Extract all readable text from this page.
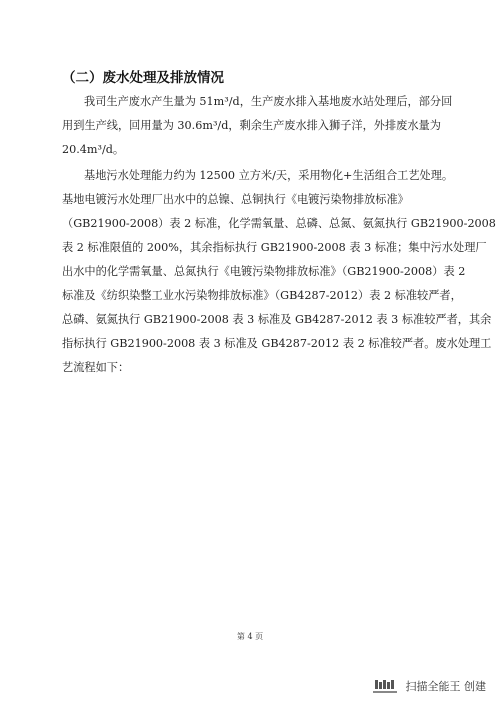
（二）废水处理及排放情况

我司生产废水产生量为 51m³/d，生产废水排入基地废水站处理后，部分回
用到生产线，回用量为 30.6m³/d，剩余生产废水排入狮子洋，外排废水量为
20.4m³/d。

基地污水处理能力约为 12500 立方米/天，采用物化+生活组合工艺处理。
基地电镀污水处理厂出水中的总镍、总铜执行《电镀污染物排放标准》
（GB21900-2008）表 2 标准，化学需氧量、总磷、总氮、氨氮执行 GB21900-2008
表 2 标准限值的 200%，其余指标执行 GB21900-2008 表 3 标准；集中污水处理厂
出水中的化学需氧量、总氮执行《电镀污染物排放标准》（GB21900-2008）表 2
标准及《纺织染整工业水污染物排放标准》（GB4287-2012）表 2 标准较严者，
总磷、氨氮执行 GB21900-2008 表 3 标准及 GB4287-2012 表 3 标准较严者，其余
指标执行 GB21900-2008 表 3 标准及 GB4287-2012 表 2 标准较严者。废水处理工
艺流程如下：

第 4 页
扫描全能王 创建
